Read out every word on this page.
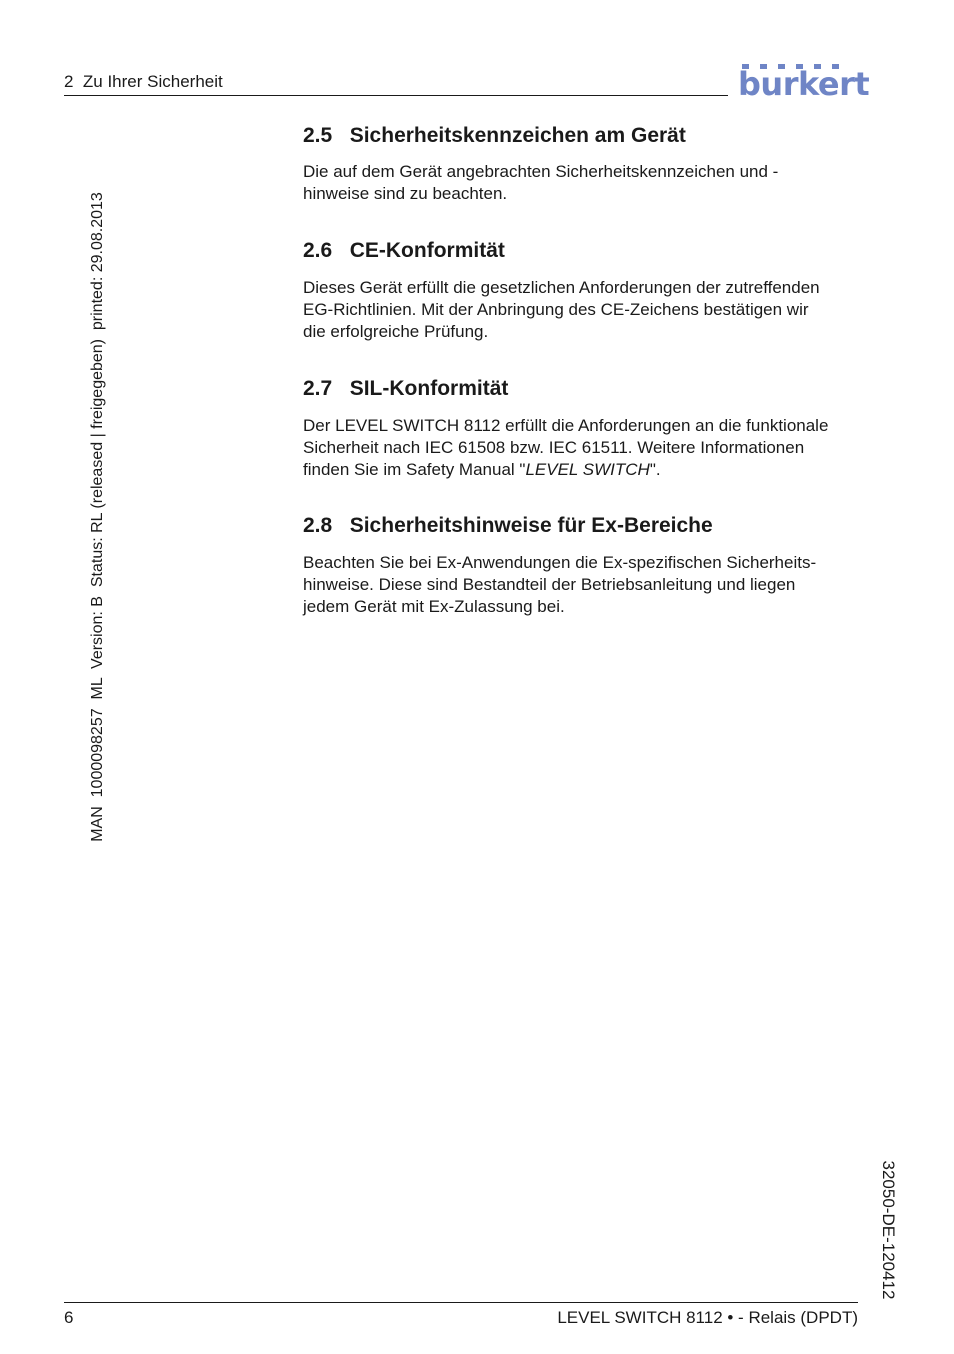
2  Zu Ihrer Sicherheit	burkert
MAN  1000098257  ML  Version: B  Status: RL (released | freigegeben)  printed: 29.08.2013
2.5 Sicherheitskennzeichen am Gerät
Die auf dem Gerät angebrachten Sicherheitskennzeichen und -
hinweise sind zu beachten.
2.6 CE-Konformität
Dieses Gerät erfüllt die gesetzlichen Anforderungen der zutreffenden
EG-Richtlinien. Mit der Anbringung des CE-Zeichens bestätigen wir
die erfolgreiche Prüfung.
2.7 SIL-Konformität
Der LEVEL SWITCH 8112 erfüllt die Anforderungen an die funktionale
Sicherheit nach IEC 61508 bzw. IEC 61511. Weitere Informationen
finden Sie im Safety Manual "LEVEL SWITCH".
2.8 Sicherheitshinweise für Ex-Bereiche
Beachten Sie bei Ex-Anwendungen die Ex-spezifischen Sicherheits-
hinweise. Diese sind Bestandteil der Betriebsanleitung und liegen
jedem Gerät mit Ex-Zulassung bei.
32050-DE-120412
6	LEVEL SWITCH 8112 • - Relais (DPDT)
